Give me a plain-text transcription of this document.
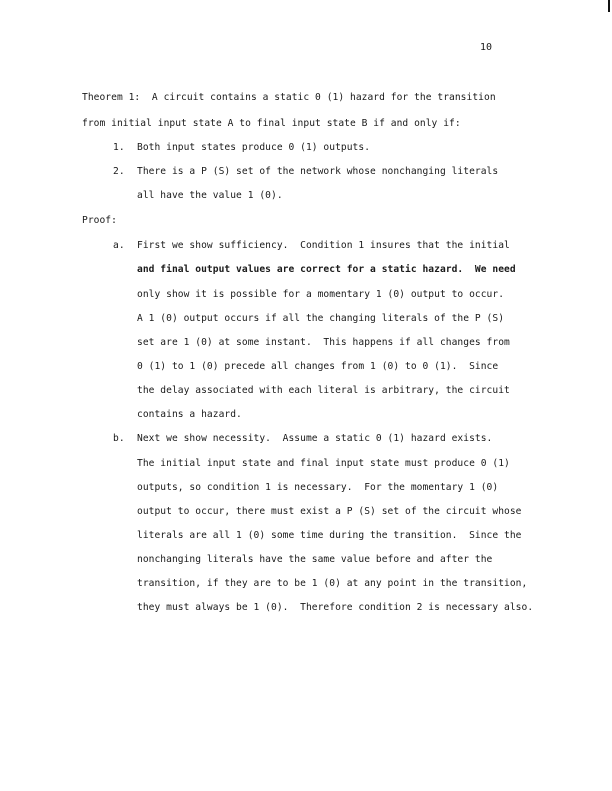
10
Theorem 1:  A circuit contains a static 0 (1) hazard for the transition
from initial input state A to final input state B if and only if:
1. Both input states produce 0 (1) outputs.
2. There is a P (S) set of the network whose nonchanging literals
all have the value 1 (0).
Proof:
a. First we show sufficiency.  Condition 1 insures that the initial
and final output values are correct for a static hazard.  We need
only show it is possible for a momentary 1 (0) output to occur.
A 1 (0) output occurs if all the changing literals of the P (S)
set are 1 (0) at some instant.  This happens if all changes from
0 (1) to 1 (0) precede all changes from 1 (0) to 0 (1).  Since
the delay associated with each literal is arbitrary, the circuit
contains a hazard.
b. Next we show necessity.  Assume a static 0 (1) hazard exists.
The initial input state and final input state must produce 0 (1)
outputs, so condition 1 is necessary.  For the momentary 1 (0)
output to occur, there must exist a P (S) set of the circuit whose
literals are all 1 (0) some time during the transition.  Since the
nonchanging literals have the same value before and after the
transition, if they are to be 1 (0) at any point in the transition,
they must always be 1 (0).  Therefore condition 2 is necessary also.
